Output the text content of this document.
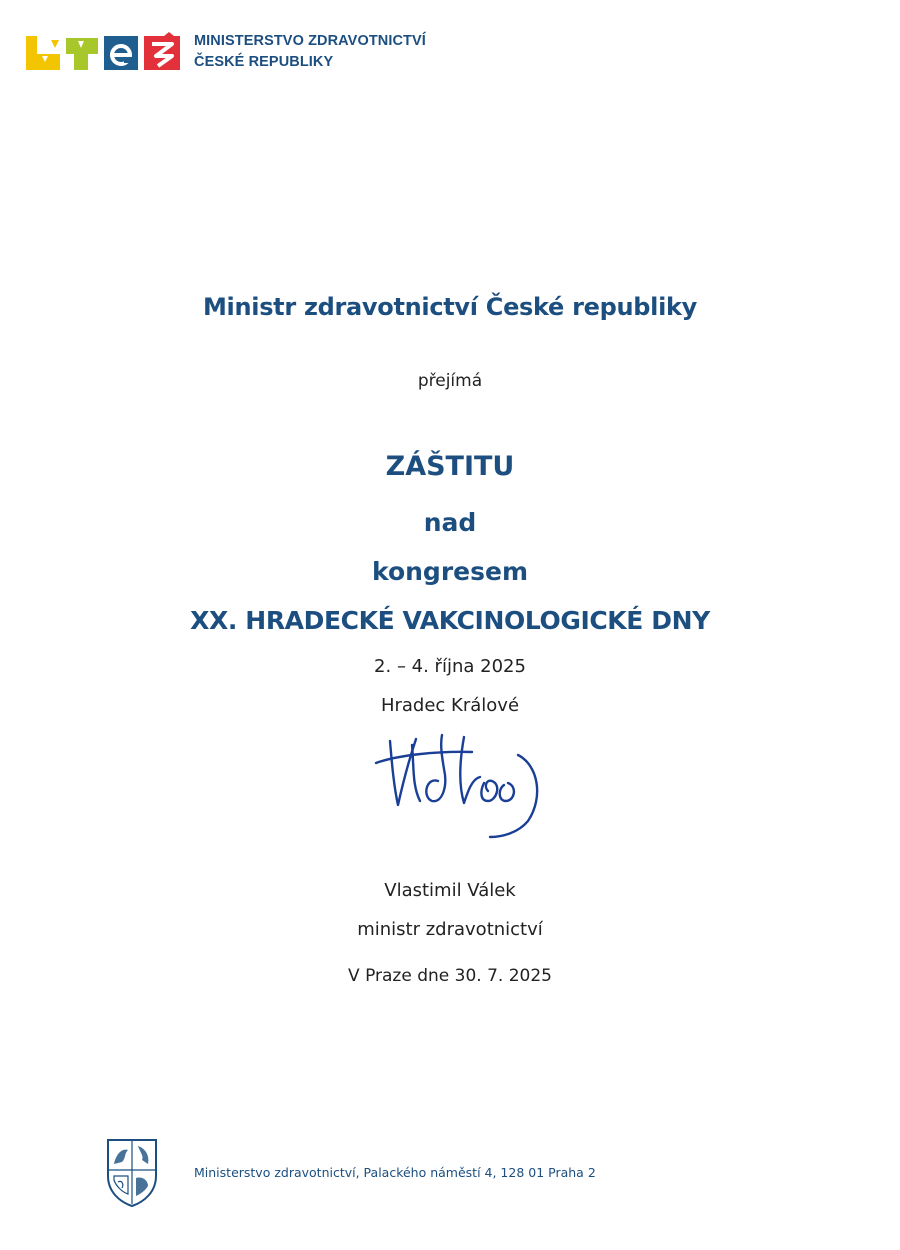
MINISTERSTVO ZDRAVOTNICTVÍ
ČESKÉ REPUBLIKY
Ministr zdravotnictví České republiky
přejímá
ZÁŠTITU
nad
kongresem
XX. HRADECKÉ VAKCINOLOGICKÉ DNY
2. – 4. října 2025
Hradec Králové
Vlastimil Válek
ministr zdravotnictví
V Praze dne 30. 7. 2025
Ministerstvo zdravotnictví, Palackého náměstí 4, 128 01 Praha 2
